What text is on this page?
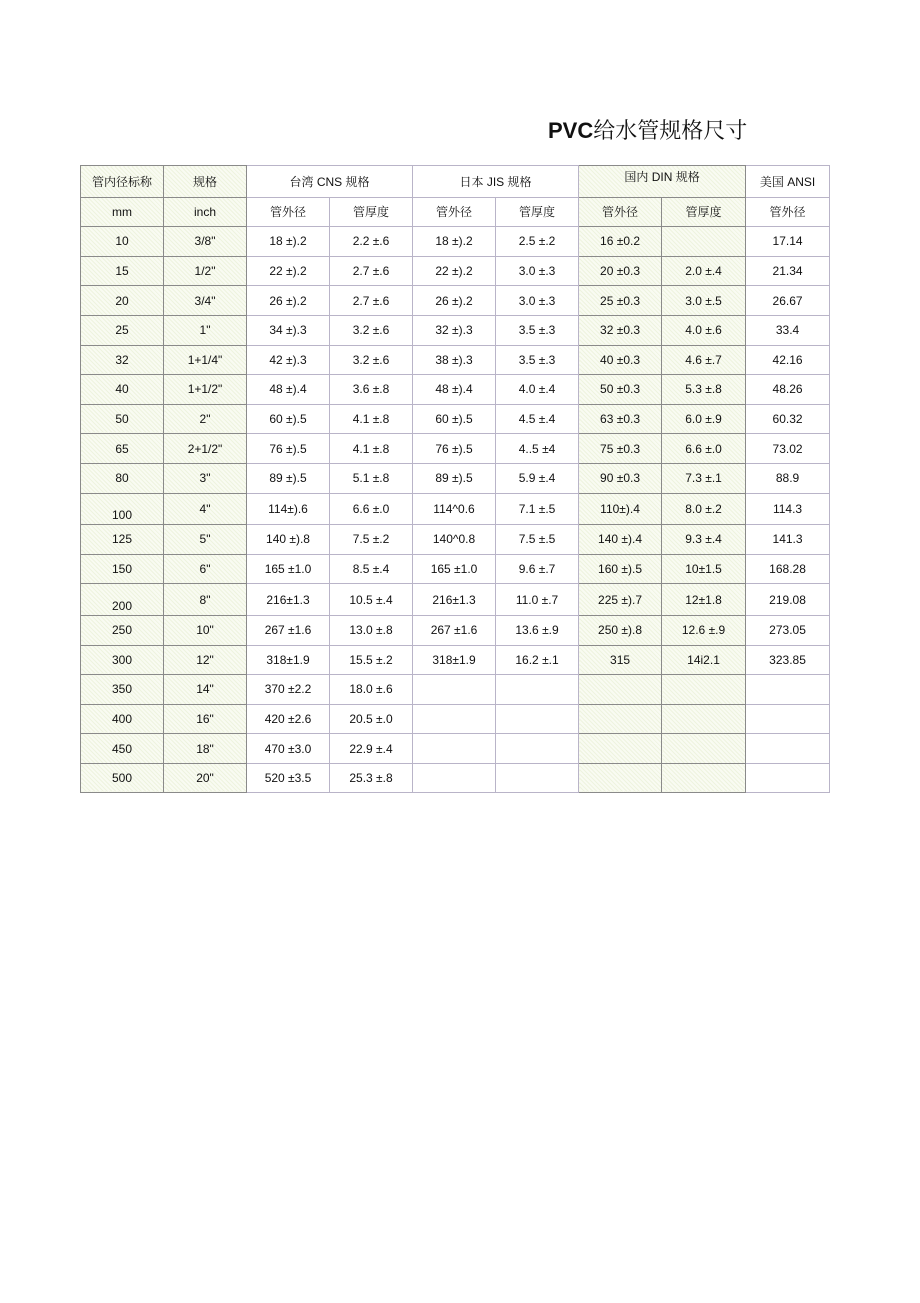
PVC给水管规格尺寸
管内径标称	规格	台湾 CNS 规格		日本 JIS 规格		国内 DIN 规格		美国 ANSI
mm	inch	管外径	管厚度	管外径	管厚度	管外径	管厚度	管外径
10	3/8"	18 ±).2	2.2 ±.6	18 ±).2	2.5 ±.2	16 ±0.2		17.14
15	1/2"	22 ±).2	2.7 ±.6	22 ±).2	3.0 ±.3	20 ±0.3	2.0 ±.4	21.34
20	3/4"	26 ±).2	2.7 ±.6	26 ±).2	3.0 ±.3	25 ±0.3	3.0 ±.5	26.67
25	1"	34 ±).3	3.2 ±.6	32 ±).3	3.5 ±.3	32 ±0.3	4.0 ±.6	33.4
32	1+1/4"	42 ±).3	3.2 ±.6	38 ±).3	3.5 ±.3	40 ±0.3	4.6 ±.7	42.16
40	1+1/2"	48 ±).4	3.6 ±.8	48 ±).4	4.0 ±.4	50 ±0.3	5.3 ±.8	48.26
50	2"	60 ±).5	4.1 ±.8	60 ±).5	4.5 ±.4	63 ±0.3	6.0 ±.9	60.32
65	2+1/2"	76 ±).5	4.1 ±.8	76 ±).5	4..5 ±4	75 ±0.3	6.6 ±.0	73.02
80	3"	89 ±).5	5.1 ±.8	89 ±).5	5.9 ±.4	90 ±0.3	7.3 ±.1	88.9
100	4"	114±).6	6.6 ±.0	114^0.6	7.1 ±.5	110±).4	8.0 ±.2	114.3
125	5"	140 ±).8	7.5 ±.2	140^0.8	7.5 ±.5	140 ±).4	9.3 ±.4	141.3
150	6"	165 ±1.0	8.5 ±.4	165 ±1.0	9.6 ±.7	160 ±).5	10±1.5	168.28
200	8"	216±1.3	10.5 ±.4	216±1.3	11.0 ±.7	225 ±).7	12±1.8	219.08
250	10"	267 ±1.6	13.0 ±.8	267 ±1.6	13.6 ±.9	250 ±).8	12.6 ±.9	273.05
300	12"	318±1.9	15.5 ±.2	318±1.9	16.2 ±.1	315	14i2.1	323.85
350	14"	370 ±2.2	18.0 ±.6					
400	16"	420 ±2.6	20.5 ±.0					
450	18"	470 ±3.0	22.9 ±.4					
500	20"	520 ±3.5	25.3 ±.8					
